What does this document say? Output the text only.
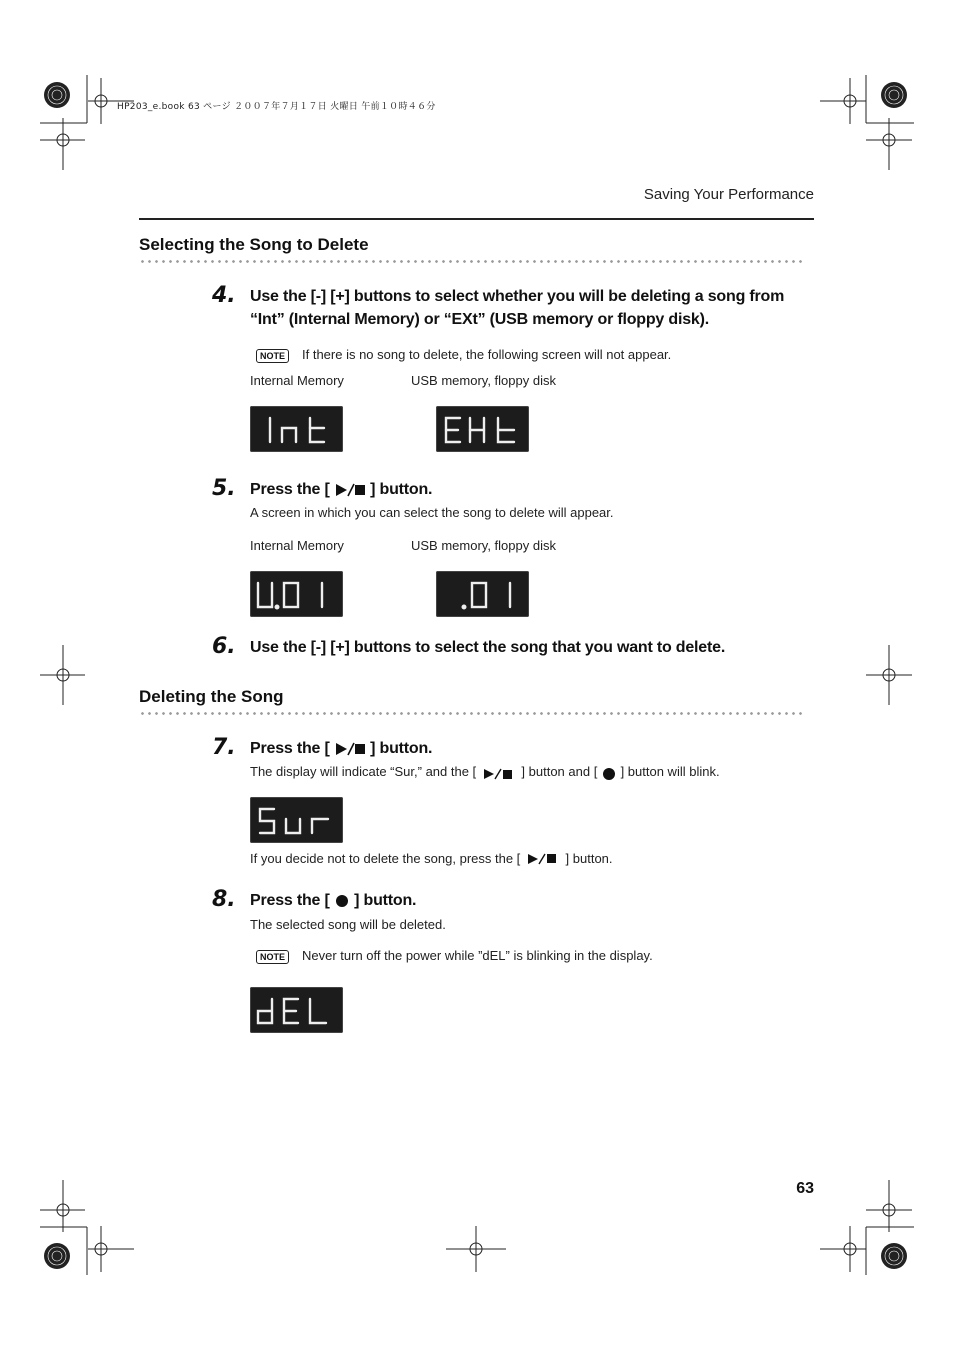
HP203_e.book 63 ページ ２００７年７月１７日 火曜日 午前１０時４６分
Saving Your Performance
Selecting the Song to Delete
4. Use the [-] [+] buttons to select whether you will be deleting a song from
“Int” (Internal Memory) or “EXt” (USB memory or floppy disk).
NOTE	If there is no song to delete, the following screen will not appear.
Internal Memory	USB memory, floppy disk
5. Press the [	] button.
A screen in which you can select the song to delete will appear.
Internal Memory	USB memory, floppy disk
6. Use the [-] [+] buttons to select the song that you want to delete.
Deleting the Song
7. Press the [	] button.
The display will indicate “Sur,” and the [	] button and [ ] button will blink.
If you decide not to delete the song, press the [	] button.
8. Press the [ ] button.
The selected song will be deleted.
NOTE	Never turn off the power while ”dEL” is blinking in the display.
63
